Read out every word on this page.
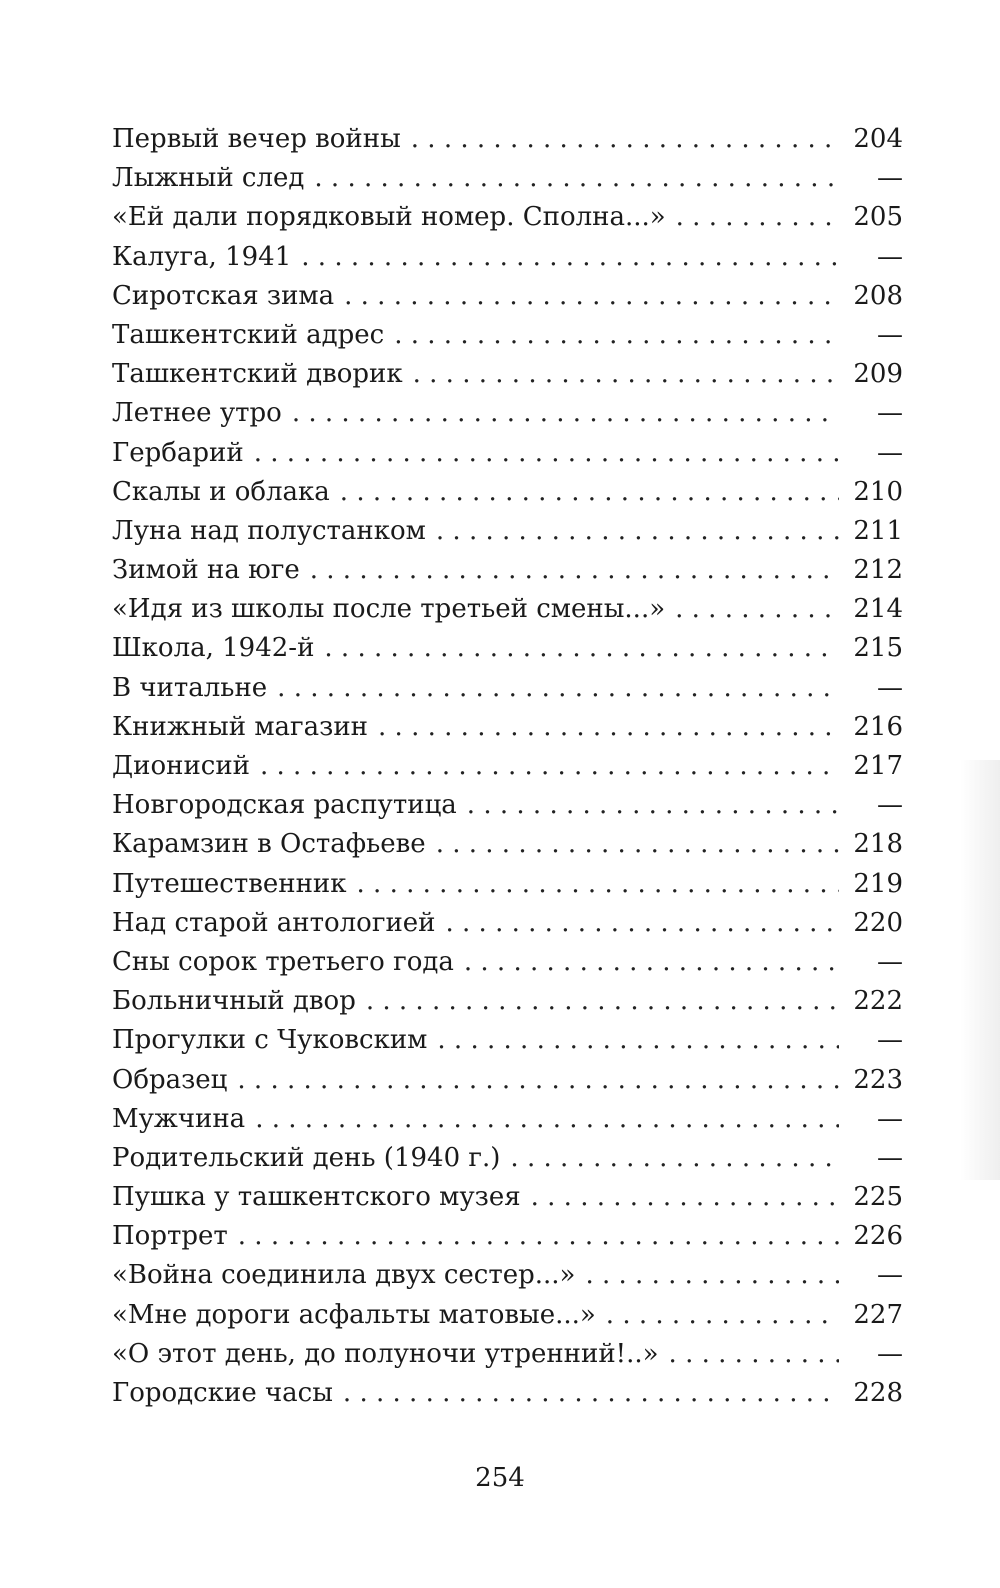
Первый вечер войны . . .	204
Лыжный след . . .	—
«Ей дали порядковый номер. Сполна...» . . .	205
Калуга, 1941 . . .	—
Сиротская зима . . .	208
Ташкентский адрес . . .	—
Ташкентский дворик . . .	209
Летнее утро . . .	—
Гербарий . . .	—
Скалы и облака . . .	210
Луна над полустанком . . .	211
Зимой на юге . . .	212
«Идя из школы после третьей смены...» . . .	214
Школа, 1942-й . . .	215
В читальне . . .	—
Книжный магазин . . .	216
Дионисий . . .	217
Новгородская распутица . . .	—
Карамзин в Остафьеве . . .	218
Путешественник . . .	219
Над старой антологией . . .	220
Сны сорок третьего года . . .	—
Больничный двор . . .	222
Прогулки с Чуковским . . .	—
Образец . . .	223
Мужчина . . .	—
Родительский день (1940 г.) . . .	—
Пушка у ташкентского музея . . .	225
Портрет . . .	226
«Война соединила двух сестер...» . . .	—
«Мне дороги асфальты матовые...» . . .	227
«О этот день, до полуночи утренний!..» . . .	—
Городские часы . . .	228
254
